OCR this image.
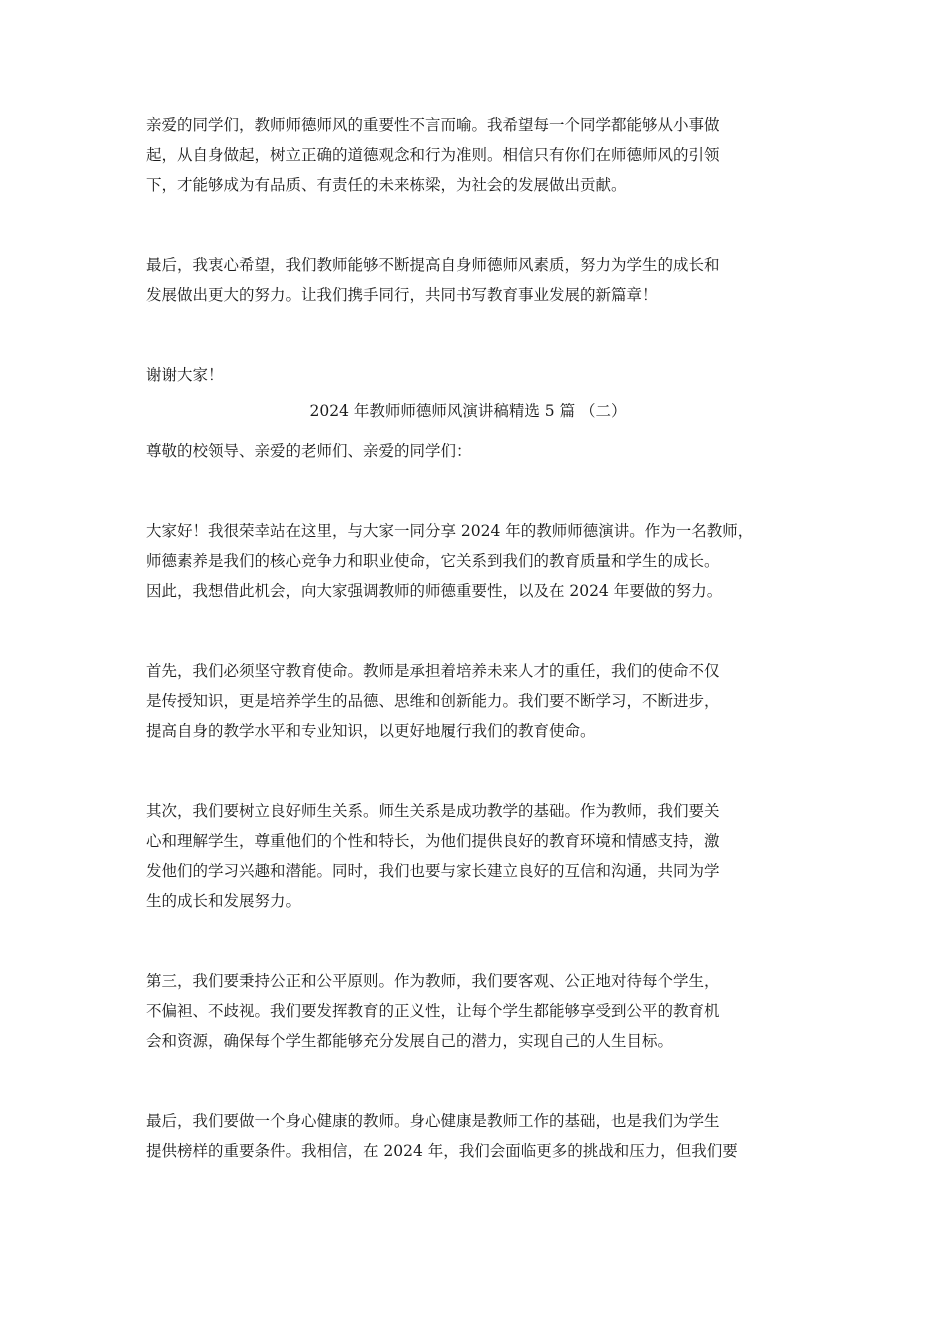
亲爱的同学们，教师师德师风的重要性不言而喻。我希望每一个同学都能够从小事做
起，从自身做起，树立正确的道德观念和行为准则。相信只有你们在师德师风的引领
下，才能够成为有品质、有责任的未来栋梁，为社会的发展做出贡献。

最后，我衷心希望，我们教师能够不断提高自身师德师风素质，努力为学生的成长和
发展做出更大的努力。让我们携手同行，共同书写教育事业发展的新篇章！

谢谢大家！

2024 年教师师德师风演讲稿精选 5 篇 （二）

尊敬的校领导、亲爱的老师们、亲爱的同学们：

大家好！我很荣幸站在这里，与大家一同分享 2024 年的教师师德演讲。作为一名教师，
师德素养是我们的核心竞争力和职业使命，它关系到我们的教育质量和学生的成长。
因此，我想借此机会，向大家强调教师的师德重要性，以及在 2024 年要做的努力。

首先，我们必须坚守教育使命。教师是承担着培养未来人才的重任，我们的使命不仅
是传授知识，更是培养学生的品德、思维和创新能力。我们要不断学习，不断进步，
提高自身的教学水平和专业知识，以更好地履行我们的教育使命。

其次，我们要树立良好师生关系。师生关系是成功教学的基础。作为教师，我们要关
心和理解学生，尊重他们的个性和特长，为他们提供良好的教育环境和情感支持，激
发他们的学习兴趣和潜能。同时，我们也要与家长建立良好的互信和沟通，共同为学
生的成长和发展努力。

第三，我们要秉持公正和公平原则。作为教师，我们要客观、公正地对待每个学生，
不偏袒、不歧视。我们要发挥教育的正义性，让每个学生都能够享受到公平的教育机
会和资源，确保每个学生都能够充分发展自己的潜力，实现自己的人生目标。

最后，我们要做一个身心健康的教师。身心健康是教师工作的基础，也是我们为学生
提供榜样的重要条件。我相信，在 2024 年，我们会面临更多的挑战和压力，但我们要
